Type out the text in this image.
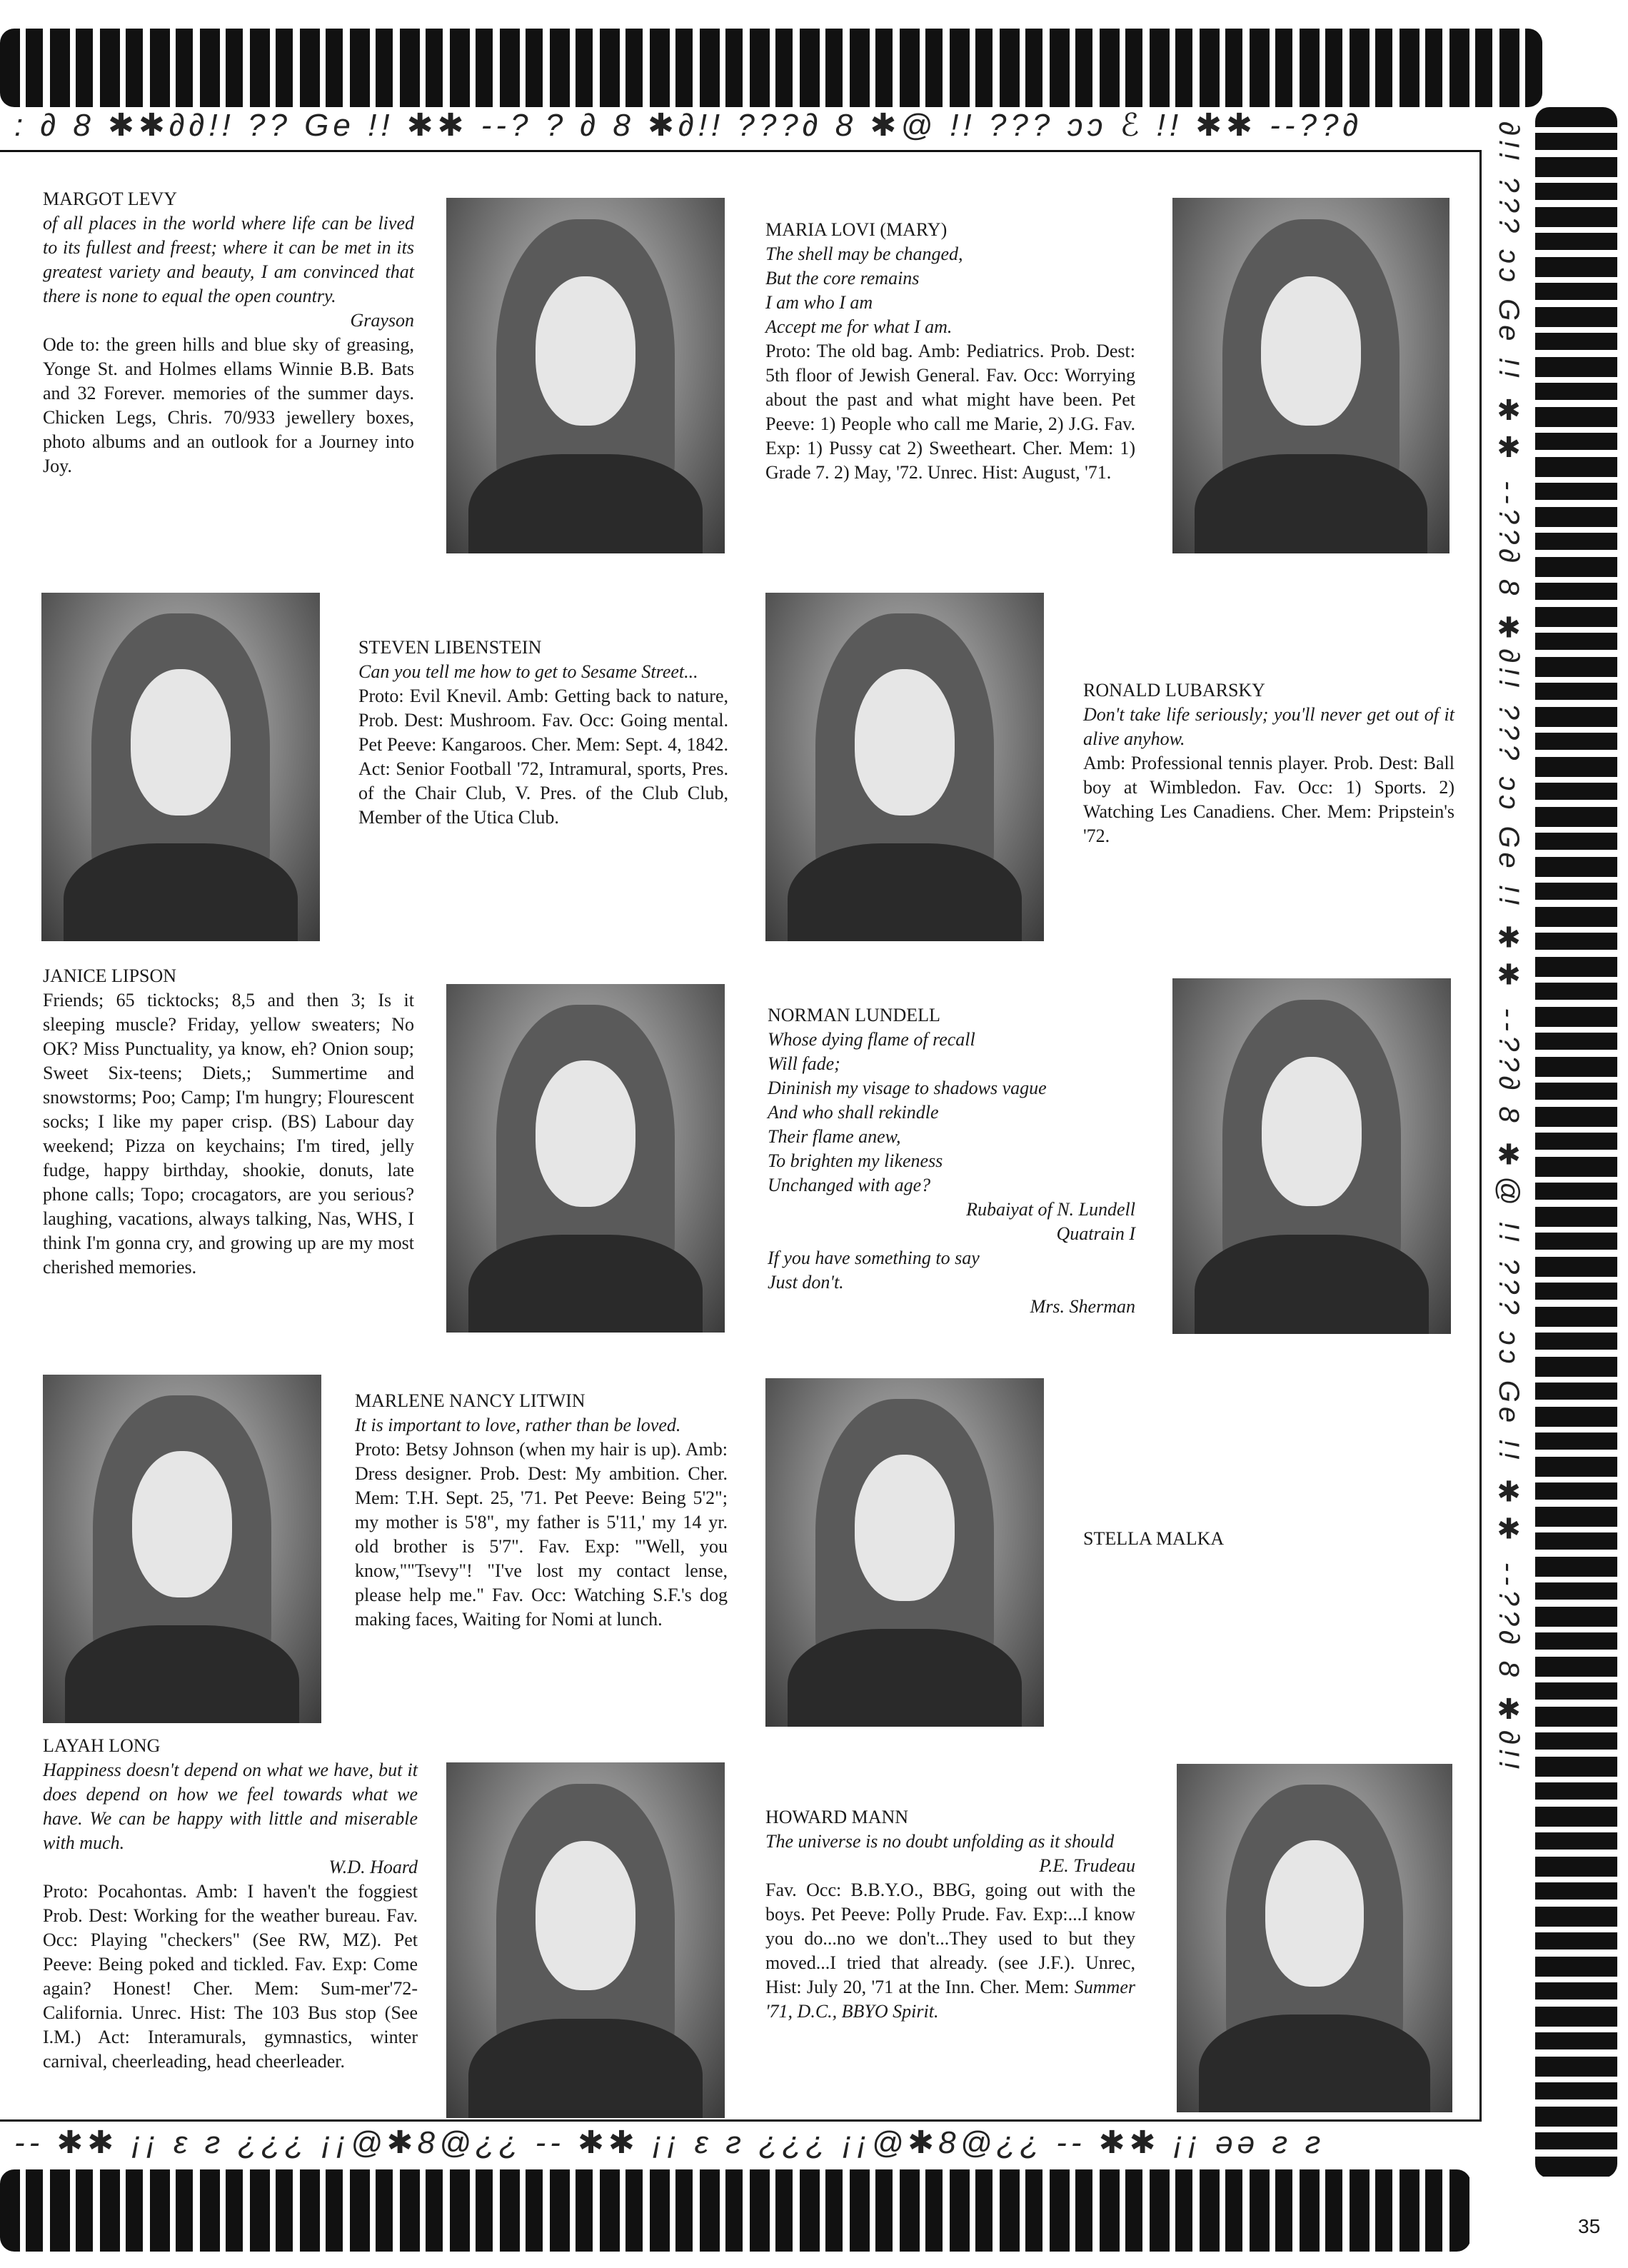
: ∂ 8 ✱✱∂∂!! ?? Ge !! ✱✱ --? ? ∂ 8 ✱∂!! ???∂ 8 ✱@ !! ??? ɔɔ ℰ !! ✱✱ --??∂	∂!! ??? ɔɔ Ge !! ✱✱ --??∂ 8 ✱∂!! ??? ɔɔ Ge !! ✱✱ --??∂ 8 ✱@ !! ??? ɔɔ Ge !! ✱✱ --??∂ 8 ✱∂!!
-- ✱✱ ¡¡ ɛ ƨ ¿¿¿ ¡¡@✱8@¿¿ -- ✱✱ ¡¡ ɛ ƨ ¿¿¿ ¡¡@✱8@¿¿ -- ✱✱ ¡¡ əə ƨ ƨ
35
MARGOT LEVY
of all places in the world where life can be lived to its fullest and freest; where it can be met in its greatest variety and beauty, I am convinced that there is none to equal the open country.
Grayson
Ode to: the green hills and blue sky of greasing, Yonge St. and Holmes ellams Winnie B.B. Bats and 32 Forever. memories of the summer days. Chicken Legs, Chris. 70/933 jewellery boxes, photo albums and an outlook for a Journey into Joy.
MARIA LOVI (MARY)
The shell may be changed,
But the core remains
I am who I am
Accept me for what I am.
Proto: The old bag. Amb: Pediatrics. Prob. Dest: 5th floor of Jewish General. Fav. Occ: Worrying about the past and what might have been. Pet Peeve: 1) People who call me Marie, 2) J.G. Fav. Exp: 1) Pussy cat 2) Sweetheart. Cher. Mem: 1) Grade 7. 2) May, '72. Unrec. Hist: August, '71.
STEVEN LIBENSTEIN
Can you tell me how to get to Sesame Street...
Proto: Evil Knevil. Amb: Getting back to nature, Prob. Dest: Mushroom. Fav. Occ: Going mental. Pet Peeve: Kangaroos. Cher. Mem: Sept. 4, 1842. Act: Senior Football '72, Intramural, sports, Pres. of the Chair Club, V. Pres. of the Club Club, Member of the Utica Club.
RONALD LUBARSKY
Don't take life seriously; you'll never get out of it alive anyhow.
Amb: Professional tennis player. Prob. Dest: Ball boy at Wimbledon. Fav. Occ: 1) Sports. 2) Watching Les Canadiens. Cher. Mem: Pripstein's '72.
JANICE LIPSON
Friends; 65 ticktocks; 8,5 and then 3; Is it sleeping muscle? Friday, yellow sweaters; No OK? Miss Punctuality, ya know, eh? Onion soup; Sweet Six-teens; Diets,; Summertime and snowstorms; Poo; Camp; I'm hungry; Flourescent socks; I like my paper crisp. (BS) Labour day weekend; Pizza on keychains; I'm tired, jelly fudge, happy birthday, shookie, donuts, late phone calls; Topo; crocagators, are you serious? laughing, vacations, always talking, Nas, WHS, I think I'm gonna cry, and growing up are my most cherished memories.
NORMAN LUNDELL
Whose dying flame of recall
Will fade;
Dininish my visage to shadows vague
And who shall rekindle
Their flame anew,
To brighten my likeness
Unchanged with age?
Rubaiyat of N. Lundell
Quatrain I
If you have something to say
Just don't.
Mrs. Sherman
MARLENE NANCY LITWIN
It is important to love, rather than be loved.
Proto: Betsy Johnson (when my hair is up). Amb: Dress designer. Prob. Dest: My ambition. Cher. Mem: T.H. Sept. 25, '71. Pet Peeve: Being 5'2"; my mother is 5'8", my father is 5'11,' my 14 yr. old brother is 5'7". Fav. Exp: "'Well, you know,""Tsevy"! "I've lost my contact lense, please help me." Fav. Occ: Watching S.F.'s dog making faces, Waiting for Nomi at lunch.
STELLA MALKA
LAYAH LONG
Happiness doesn't depend on what we have, but it does depend on how we feel towards what we have. We can be happy with little and miserable with much.
W.D. Hoard
Proto: Pocahontas. Amb: I haven't the foggiest Prob. Dest: Working for the weather bureau. Fav. Occ: Playing "checkers" (See RW, MZ). Pet Peeve: Being poked and tickled. Fav. Exp: Come again? Honest! Cher. Mem: Sum-mer'72-California. Unrec. Hist: The 103 Bus stop (See I.M.) Act: Interamurals, gymnastics, winter carnival, cheerleading, head cheerleader.
HOWARD MANN
The universe is no doubt unfolding as it should
P.E. Trudeau
Fav. Occ: B.B.Y.O., BBG, going out with the boys. Pet Peeve: Polly Prude. Fav. Exp:...I know you do...no we don't...They used to but they moved...I tried that already. (see J.F.). Unrec, Hist: July 20, '71 at the Inn. Cher. Mem: Summer '71, D.C., BBYO Spirit.
